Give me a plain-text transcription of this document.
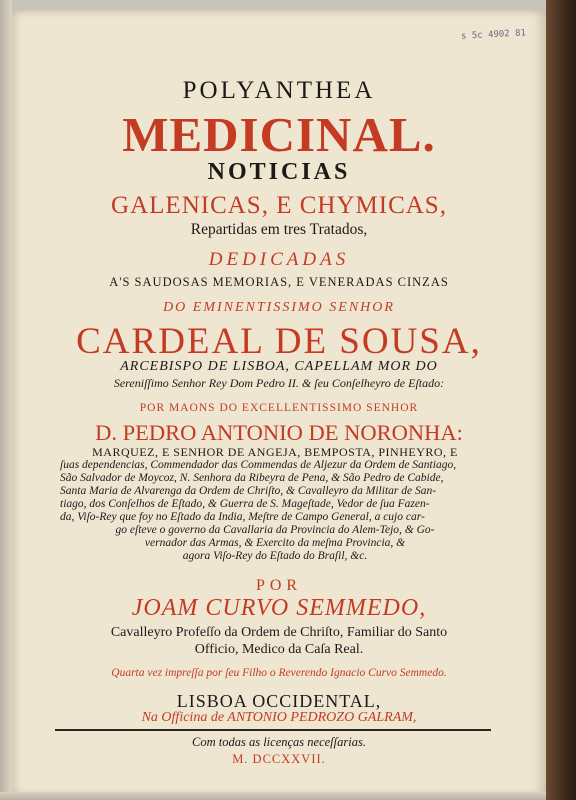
s 5c 4902 81
POLYANTHEA
MEDICINAL.
NOTICIAS
GALENICAS, E CHYMICAS,
Repartidas em tres Tratados,
DEDICADAS
A'S SAUDOSAS MEMORIAS, E VENERADAS CINZAS
DO EMINENTISSIMO SENHOR
CARDEAL DE SOUSA,
ARCEBISPO DE LISBOA, CAPELLAM MOR DO
Sereniſſimo Senhor Rey Dom Pedro II. & ſeu Conſelheyro de Eſtado:
POR MAONS DO EXCELLENTISSIMO SENHOR
D. PEDRO ANTONIO DE NORONHA:
MARQUEZ, E SENHOR DE ANGEJA, BEMPOSTA, PINHEYRO, E
ſuas dependencias, Commendador das Commendas de Aljezur da Ordem de Santiago,
São Salvador de Moycoz, N. Senhora da Ribeyra de Pena, & São Pedro de Cabide,
Santa Maria de Alvarenga da Ordem de Chriſto, & Cavalleyro da Militar de San-
tiago, dos Conſelhos de Eſtado, & Guerra de S. Mageſtade, Vedor de ſua Fazen-
da, Viſo-Rey que foy no Eſtado da India, Meſtre de Campo General, a cujo car-
go eſteve o governo da Cavallaria da Provincia do Alem-Tejo, & Go-
vernador das Armas, & Exercito da meſma Provincia, &
agora Viſo-Rey do Eſtado do Braſil, &c.
POR
JOAM CURVO SEMMEDO,
Cavalleyro Profeſſo da Ordem de Chriſto, Familiar do Santo
Officio, Medico da Caſa Real.
Quarta vez impreſſa por ſeu Filho o Reverendo Ignacio Curvo Semmedo.
LISBOA OCCIDENTAL,
Na Officina de ANTONIO PEDROZO GALRAM,
Com todas as licenças neceſſarias.
M. DCCXXVII.
